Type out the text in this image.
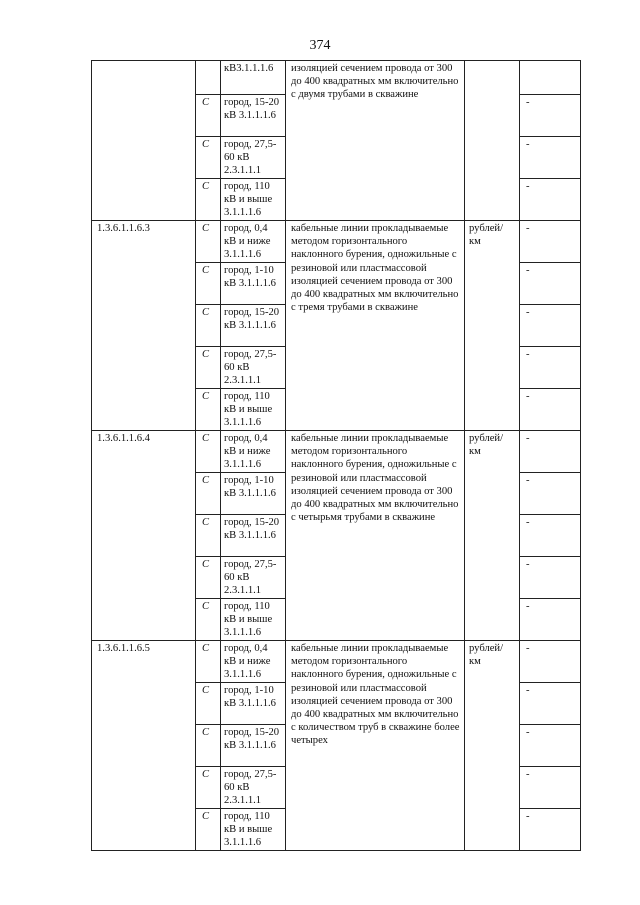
374
		кВ3.1.1.1.6	изоляцией сечением провода от 300 до 400 квадратных мм включительно с двумя трубами в скважине		
	С	город, 15-20 кВ 3.1.1.1.6			-
	С	город, 27,5-60 кВ 2.3.1.1.1			-
	С	город, 110 кВ и выше 3.1.1.1.6			-
1.3.6.1.1.6.3	С	город, 0,4 кВ и ниже 3.1.1.1.6	кабельные линии прокладываемые методом горизонтального наклонного бурения, одножильные с резиновой или пластмассовой изоляцией сечением провода от 300 до 400 квадратных мм включительно с тремя трубами в скважине	рублей/ км	-
	С	город, 1-10 кВ 3.1.1.1.6			-
	С	город, 15-20 кВ 3.1.1.1.6			-
	С	город, 27,5-60 кВ 2.3.1.1.1			-
	С	город, 110 кВ и выше 3.1.1.1.6			-
1.3.6.1.1.6.4	С	город, 0,4 кВ и ниже 3.1.1.1.6	кабельные линии прокладываемые методом горизонтального наклонного бурения, одножильные с резиновой или пластмассовой изоляцией сечением провода от 300 до 400 квадратных мм включительно с четырьмя трубами в скважине	рублей/ км	-
	С	город, 1-10 кВ 3.1.1.1.6			-
	С	город, 15-20 кВ 3.1.1.1.6			-
	С	город, 27,5-60 кВ 2.3.1.1.1			-
	С	город, 110 кВ и выше 3.1.1.1.6			-
1.3.6.1.1.6.5	С	город, 0,4 кВ и ниже 3.1.1.1.6	кабельные линии прокладываемые методом горизонтального наклонного бурения, одножильные с резиновой или пластмассовой изоляцией сечением провода от 300 до 400 квадратных мм включительно с количеством труб в скважине более четырех	рублей/ км	-
	С	город, 1-10 кВ 3.1.1.1.6			-
	С	город, 15-20 кВ 3.1.1.1.6			-
	С	город, 27,5-60 кВ 2.3.1.1.1			-
	С	город, 110 кВ и выше 3.1.1.1.6			-
